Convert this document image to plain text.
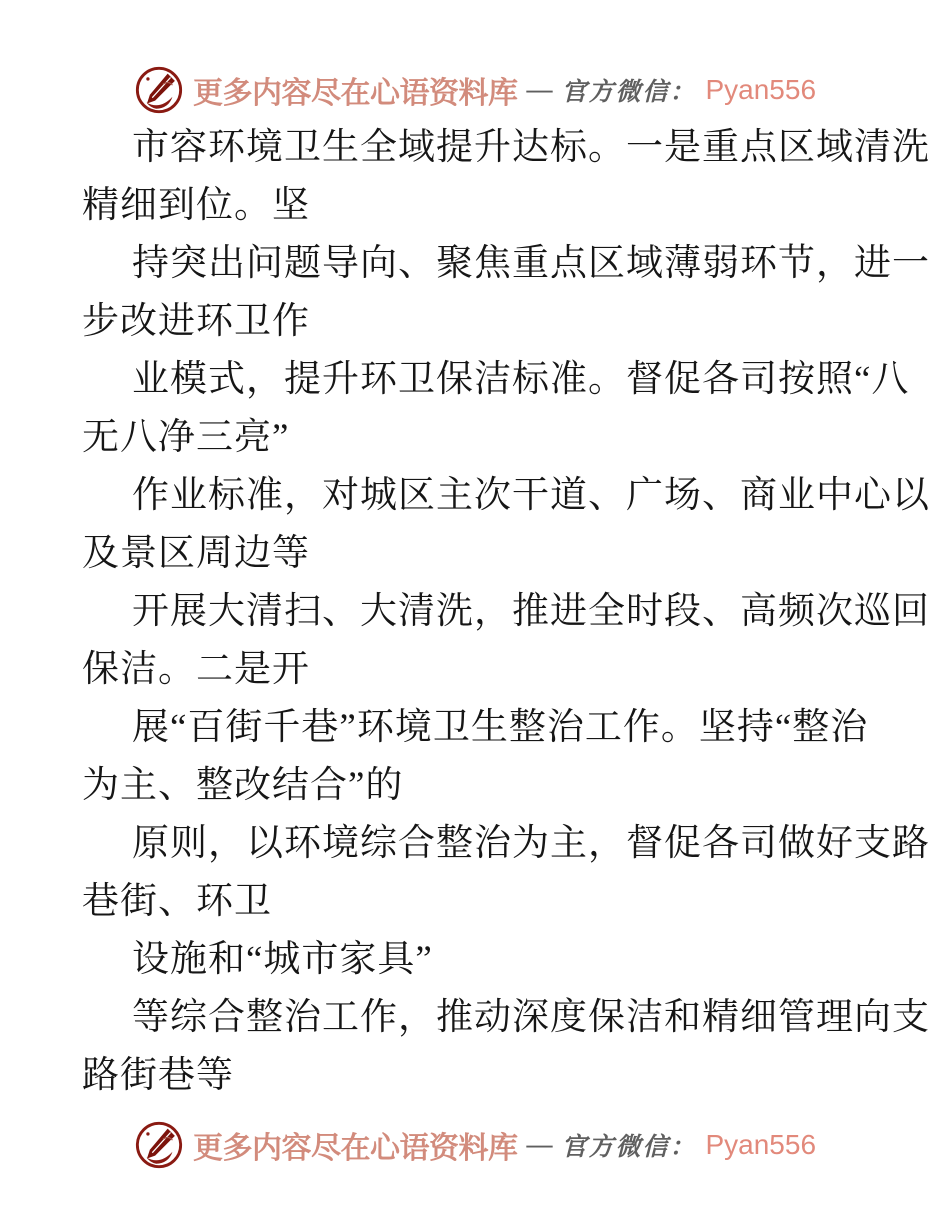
更多内容尽在心语资料库 — 官方微信： Pyan556
市容环境卫生全域提升达标。一是重点区域清洗
精细到位。坚
持突出问题导向、聚焦重点区域薄弱环节，进一
步改进环卫作
业模式，提升环卫保洁标准。督促各司按照“八
无八净三亮”
作业标准，对城区主次干道、广场、商业中心以
及景区周边等
开展大清扫、大清洗，推进全时段、高频次巡回
保洁。二是开
展“百街千巷”环境卫生整治工作。坚持“整治
为主、整改结合”的
原则，以环境综合整治为主，督促各司做好支路
巷街、环卫
设施和“城市家具”
等综合整治工作，推动深度保洁和精细管理向支
路街巷等
更多内容尽在心语资料库 — 官方微信： Pyan556
